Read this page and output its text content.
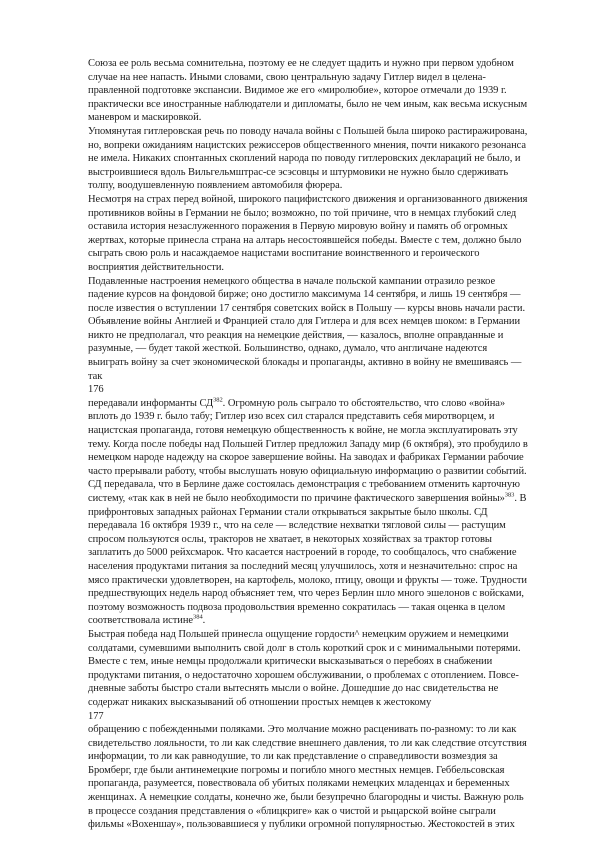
Союза ее роль весьма сомнительна, поэтому ее не следует щадить и нужно при первом удобном случае на нее напасть. Иными словами, свою центральную задачу Гитлер видел в целенаправленной подготовке экспансии. Видимое же его «миролюбие», которое отмечали до 1939 г. практически все иностранные наблюдатели и дипломаты, было не чем иным, как весьма искусным маневром и маскировкой.

Упомянутая гитлеровская речь по поводу начала войны с Польшей была широко растиражирована, но, вопреки ожиданиям нацистских режиссеров общественного мнения, почти никакого резонанса не имела. Никаких спонтанных скоплений народа по поводу гитлеровских деклараций не было, и выстроившиеся вдоль Вильгельмштрас-се эсэсовцы и штурмовики не нужно было сдерживать толпу, воодушевленную появлением автомобиля фюрера.

Несмотря на страх перед войной, широкого пацифистского движения и организованного движения противников войны в Германии не было; возможно, по той причине, что в немцах глубокий след оставила история незаслуженного поражения в Первую мировую войну и память об огромных жертвах, которые принесла страна на алтарь несостоявшейся победы. Вместе с тем, должно было сыграть свою роль и насаждаемое нацистами воспитание воинственного и героического восприятия действительности.

Подавленные настроения немецкого общества в начале польской кампании отразило резкое падение курсов на фондовой бирже; оно достигло максимума 14 сентября, и лишь 19 сентября — после известия о вступлении 17 сентября советских войск в Польшу — курсы вновь начали расти. Объявление войны Англией и Францией стало для Гитлера и для всех немцев шоком: в Германии никто не предполагал, что реакция на немецкие действия, — казалось, вполне оправданные и разумные, — будет такой жесткой. Большинство, однако, думало, что англичане надеются выиграть войну за счет экономической блокады и пропаганды, активно в войну не вмешиваясь — так

176

передавали информанты СД$^{382}$. Огромную роль сыграло то обстоятельство, что слово «война» вплоть до 1939 г. было табу; Гитлер изо всех сил старался представить себя миротворцем, и нацистская пропаганда, готовя немецкую общественность к войне, не могла эксплуатировать эту тему. Когда после победы над Польшей Гитлер предложил Западу мир (6 октября), это пробудило в немецком народе надежду на скорое завершение войны. На заводах и фабриках Германии рабочие часто прерывали работу, чтобы выслушать новую официальную информацию о развитии событий. СД передавала, что в Берлине даже состоялась демонстрация с требованием отменить карточную систему, «так как в ней не было необходимости по причине фактического завершения войны»$^{383}$. В прифронтовых западных районах Германии стали открываться закрытые было школы. СД передавала 16 октября 1939 г., что на селе — вследствие нехватки тягловой силы — растущим спросом пользуются ослы, тракторов не хватает, в некоторых хозяйствах за трактор готовы заплатить до 5000 рейхсмарок. Что касается настроений в городе, то сообщалось, что снабжение населения продуктами питания за последний месяц улучшилось, хотя и незначительно: спрос на мясо практически удовлетворен, на картофель, молоко, птицу, овощи и фрукты — тоже. Трудности предшествующих недель народ объясняет тем, что через Берлин шло много эшелонов с войсками, поэтому возможность подвоза продовольствия временно сократилась — такая оценка в целом соответствовала истине$^{384}$.

Быстрая победа над Польшей принесла ощущение гордости^ немецким оружием и немецкими солдатами, сумевшими выполнить свой долг в столь короткий срок и с минимальными потерями. Вместе с тем, иные немцы продолжали критически высказываться о перебоях в снабжении продуктами питания, о недостаточно хорошем обслуживании, о проблемах с отоплением. Повседневные заботы быстро стали вытеснять мысли о войне. Дошедшие до нас свидетельства не содержат никаких высказываний об отношении простых немцев к жестокому

177

обращению с побежденными поляками. Это молчание можно расценивать по-разному: то ли как свидетельство лояльности, то ли как следствие внешнего давления, то ли как следствие отсутствия информации, то ли как равнодушие, то ли как представление о справедливости возмездия за Бромберг, где были антинемецкие погромы и погибло много местных немцев. Геббельсовская пропаганда, разумеется, повествовала об убитых поляками немецких младенцах и беременных женщинах. А немецкие солдаты, конечно же, были безупречно благородны и чисты. Важную роль в процессе создания представления о «блицкриге» как о чистой и рыцарской войне сыграли фильмы «Вохеншау», пользовавшиеся у публики огромной популярностью. Жестокостей в этих
